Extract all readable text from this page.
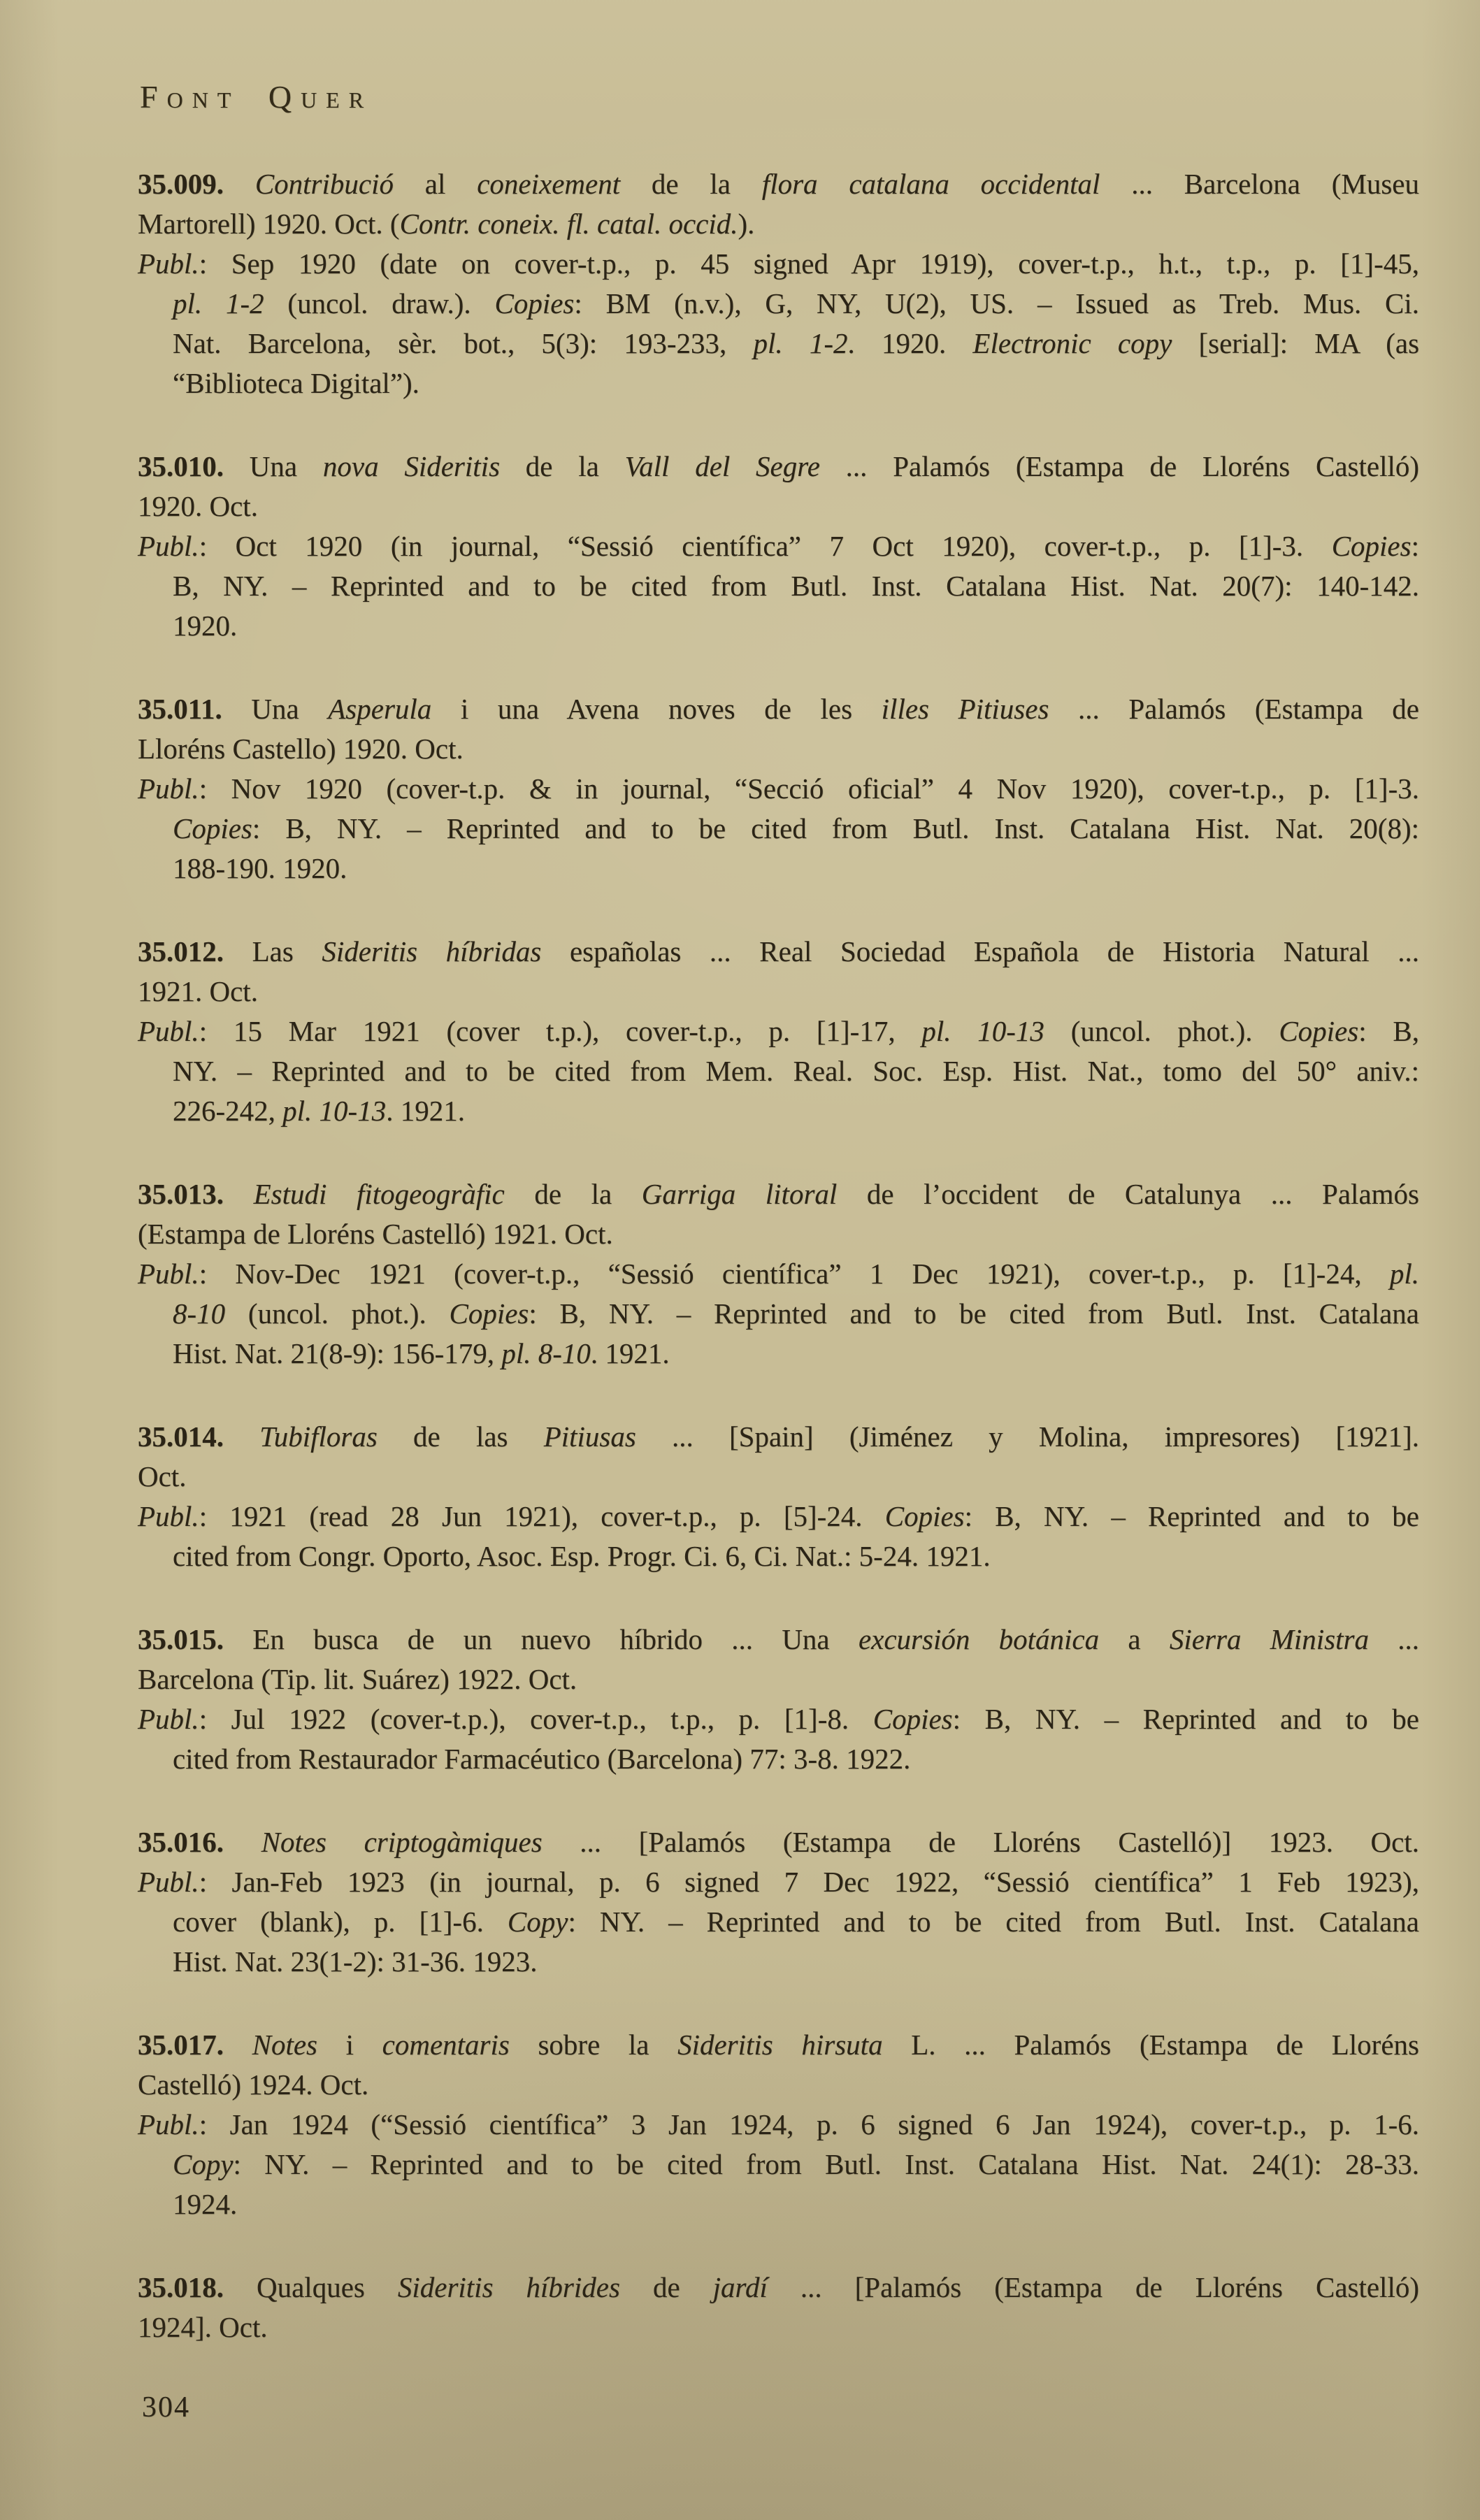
Font Quer
35.009. Contribució al coneixement de la flora catalana occidental ... Barcelona (Museu
Martorell) 1920. Oct. (Contr. coneix. fl. catal. occid.).
Publ.: Sep 1920 (date on cover-t.p., p. 45 signed Apr 1919), cover-t.p., h.t., t.p., p. [1]-45,
pl. 1-2 (uncol. draw.). Copies: BM (n.v.), G, NY, U(2), US. – Issued as Treb. Mus. Ci.
Nat. Barcelona, sèr. bot., 5(3): 193-233, pl. 1-2. 1920. Electronic copy [serial]: MA (as
“Biblioteca Digital”).
35.010. Una nova Sideritis de la Vall del Segre ... Palamós (Estampa de Lloréns Castelló)
1920. Oct.
Publ.: Oct 1920 (in journal, “Sessió científica” 7 Oct 1920), cover-t.p., p. [1]-3. Copies:
B, NY. – Reprinted and to be cited from Butl. Inst. Catalana Hist. Nat. 20(7): 140-142.
1920.
35.011. Una Asperula i una Avena noves de les illes Pitiuses ... Palamós (Estampa de
Lloréns Castello) 1920. Oct.
Publ.: Nov 1920 (cover-t.p. & in journal, “Secció oficial” 4 Nov 1920), cover-t.p., p. [1]-3.
Copies: B, NY. – Reprinted and to be cited from Butl. Inst. Catalana Hist. Nat. 20(8):
188-190. 1920.
35.012. Las Sideritis híbridas españolas ... Real Sociedad Española de Historia Natural ...
1921. Oct.
Publ.: 15 Mar 1921 (cover t.p.), cover-t.p., p. [1]-17, pl. 10-13 (uncol. phot.). Copies: B,
NY. – Reprinted and to be cited from Mem. Real. Soc. Esp. Hist. Nat., tomo del 50° aniv.:
226-242, pl. 10-13. 1921.
35.013. Estudi fitogeogràfic de la Garriga litoral de l’occident de Catalunya ... Palamós
(Estampa de Lloréns Castelló) 1921. Oct.
Publ.: Nov-Dec 1921 (cover-t.p., “Sessió científica” 1 Dec 1921), cover-t.p., p. [1]-24, pl.
8-10 (uncol. phot.). Copies: B, NY. – Reprinted and to be cited from Butl. Inst. Catalana
Hist. Nat. 21(8-9): 156-179, pl. 8-10. 1921.
35.014. Tubifloras de las Pitiusas ... [Spain] (Jiménez y Molina, impresores) [1921].
Oct.
Publ.: 1921 (read 28 Jun 1921), cover-t.p., p. [5]-24. Copies: B, NY. – Reprinted and to be
cited from Congr. Oporto, Asoc. Esp. Progr. Ci. 6, Ci. Nat.: 5-24. 1921.
35.015. En busca de un nuevo híbrido ... Una excursión botánica a Sierra Ministra ...
Barcelona (Tip. lit. Suárez) 1922. Oct.
Publ.: Jul 1922 (cover-t.p.), cover-t.p., t.p., p. [1]-8. Copies: B, NY. – Reprinted and to be
cited from Restaurador Farmacéutico (Barcelona) 77: 3-8. 1922.
35.016. Notes criptogàmiques ... [Palamós (Estampa de Lloréns Castelló)] 1923. Oct.
Publ.: Jan-Feb 1923 (in journal, p. 6 signed 7 Dec 1922, “Sessió científica” 1 Feb 1923),
cover (blank), p. [1]-6. Copy: NY. – Reprinted and to be cited from Butl. Inst. Catalana
Hist. Nat. 23(1-2): 31-36. 1923.
35.017. Notes i comentaris sobre la Sideritis hirsuta L. ... Palamós (Estampa de Lloréns
Castelló) 1924. Oct.
Publ.: Jan 1924 (“Sessió científica” 3 Jan 1924, p. 6 signed 6 Jan 1924), cover-t.p., p. 1-6.
Copy: NY. – Reprinted and to be cited from Butl. Inst. Catalana Hist. Nat. 24(1): 28-33.
1924.
35.018. Qualques Sideritis híbrides de jardí ... [Palamós (Estampa de Lloréns Castelló)
1924]. Oct.
304
